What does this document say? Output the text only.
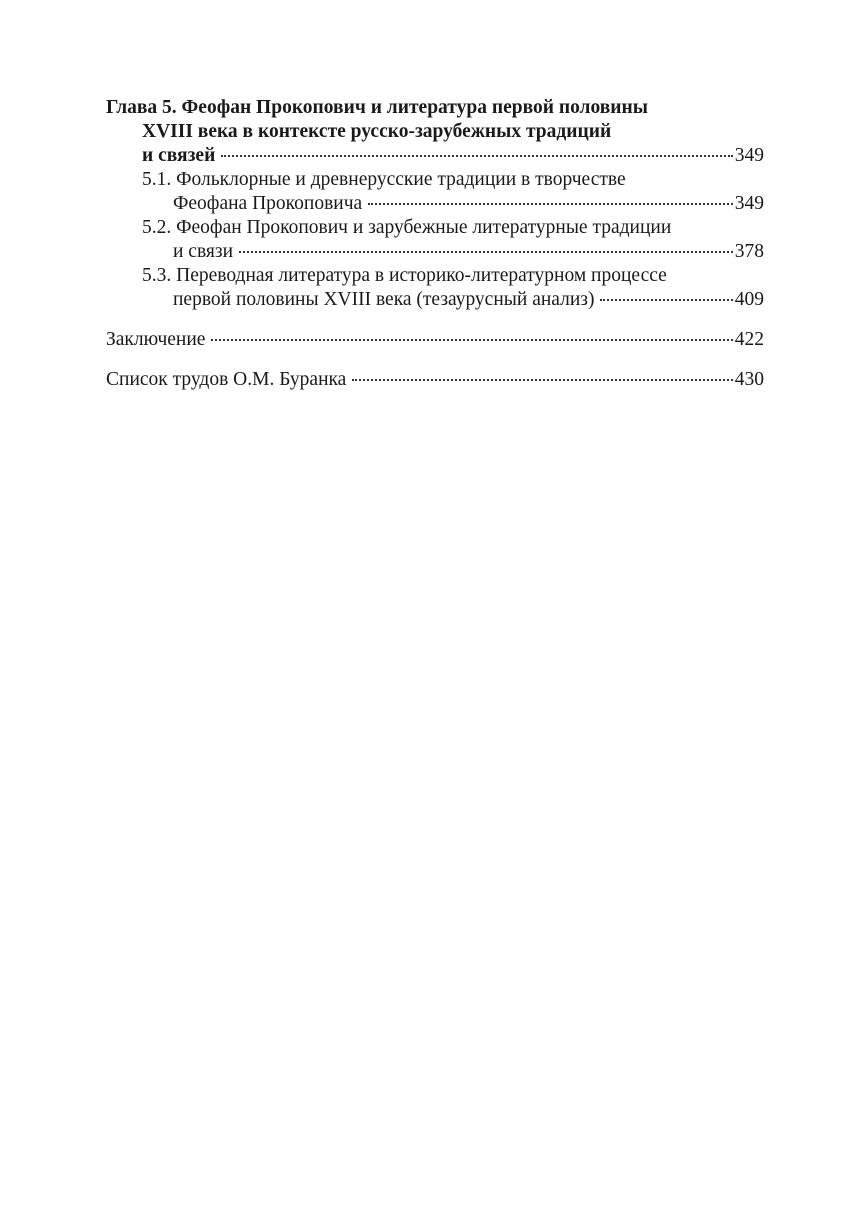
Глава 5. Феофан Прокопович и литература первой половины
XVIII века в контексте русско-зарубежных традиций
и связей	349
5.1. Фольклорные и древнерусские традиции в творчестве
Феофана Прокоповича	349
5.2. Феофан Прокопович и зарубежные литературные традиции
и связи	378
5.3. Переводная литература в историко-литературном процессе
первой половины XVIII века (тезаурусный анализ)	409
Заключение	422
Список трудов О.М. Буранка	430
